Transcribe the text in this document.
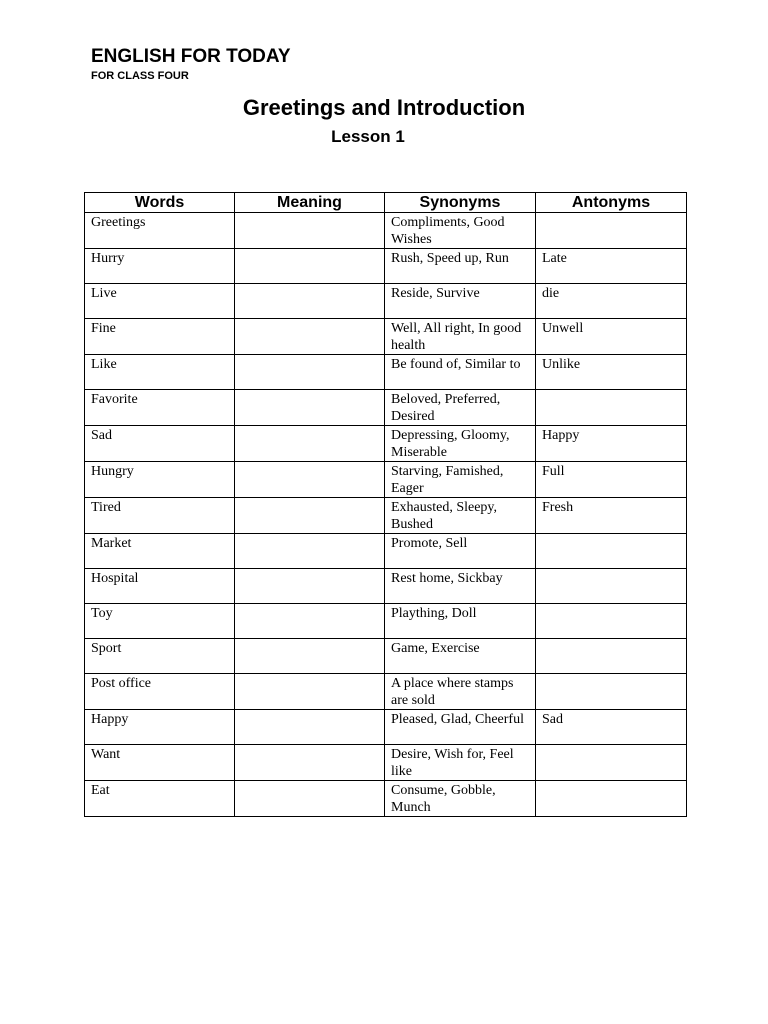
ENGLISH FOR TODAY
FOR CLASS FOUR
Greetings and Introduction
Lesson 1
Words	Meaning	Synonyms	Antonyms
Greetings		Compliments, Good Wishes	
Hurry		Rush, Speed up, Run	Late
Live		Reside, Survive	die
Fine		Well, All right, In good health	Unwell
Like		Be found of, Similar to	Unlike
Favorite		Beloved, Preferred, Desired	
Sad		Depressing, Gloomy, Miserable	Happy
Hungry		Starving, Famished, Eager	Full
Tired		Exhausted, Sleepy, Bushed	Fresh
Market		Promote, Sell	
Hospital		Rest home, Sickbay	
Toy		Plaything, Doll	
Sport		Game, Exercise	
Post office		A place where stamps are sold	
Happy		Pleased, Glad, Cheerful	Sad
Want		Desire, Wish for, Feel like	
Eat		Consume, Gobble, Munch	
